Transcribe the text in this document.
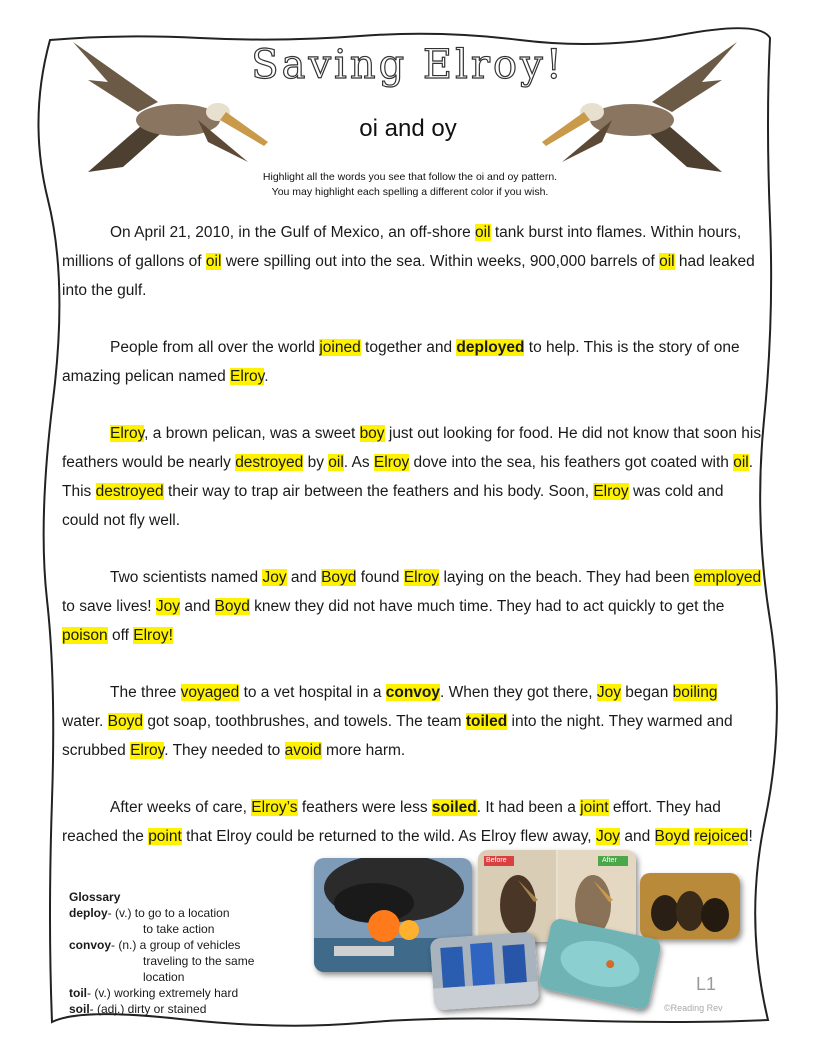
Saving Elroy!
oi and oy
Highlight all the words you see that follow the oi and oy pattern.
You may highlight each spelling a different color if you wish.

On April 21, 2010, in the Gulf of Mexico, an off-shore oil tank burst into flames. Within hours, millions of gallons of oil were spilling out into the sea. Within weeks, 900,000 barrels of oil had leaked into the gulf.

People from all over the world joined together and deployed to help. This is the story of one amazing pelican named Elroy.

Elroy, a brown pelican, was a sweet boy just out looking for food. He did not know that soon his feathers would be nearly destroyed by oil. As Elroy dove into the sea, his feathers got coated with oil. This destroyed their way to trap air between the feathers and his body. Soon, Elroy was cold and could not fly well.

Two scientists named Joy and Boyd found Elroy laying on the beach. They had been employed to save lives! Joy and Boyd knew they did not have much time. They had to act quickly to get the poison off Elroy!

The three voyaged to a vet hospital in a convoy. When they got there, Joy began boiling water. Boyd got soap, toothbrushes, and towels. The team toiled into the night. They warmed and scrubbed Elroy. They needed to avoid more harm.

After weeks of care, Elroy’s feathers were less soiled. It had been a joint effort. They had reached the point that Elroy could be returned to the wild. As Elroy flew away, Joy and Boyd rejoiced!

Glossary
deploy- (v.) to go to a location
to take action
convoy- (n.) a group of vehicles
traveling to the same
location
toil- (v.) working extremely hard
soil- (adj.) dirty or stained
Before	After
L1
©Reading Rev
